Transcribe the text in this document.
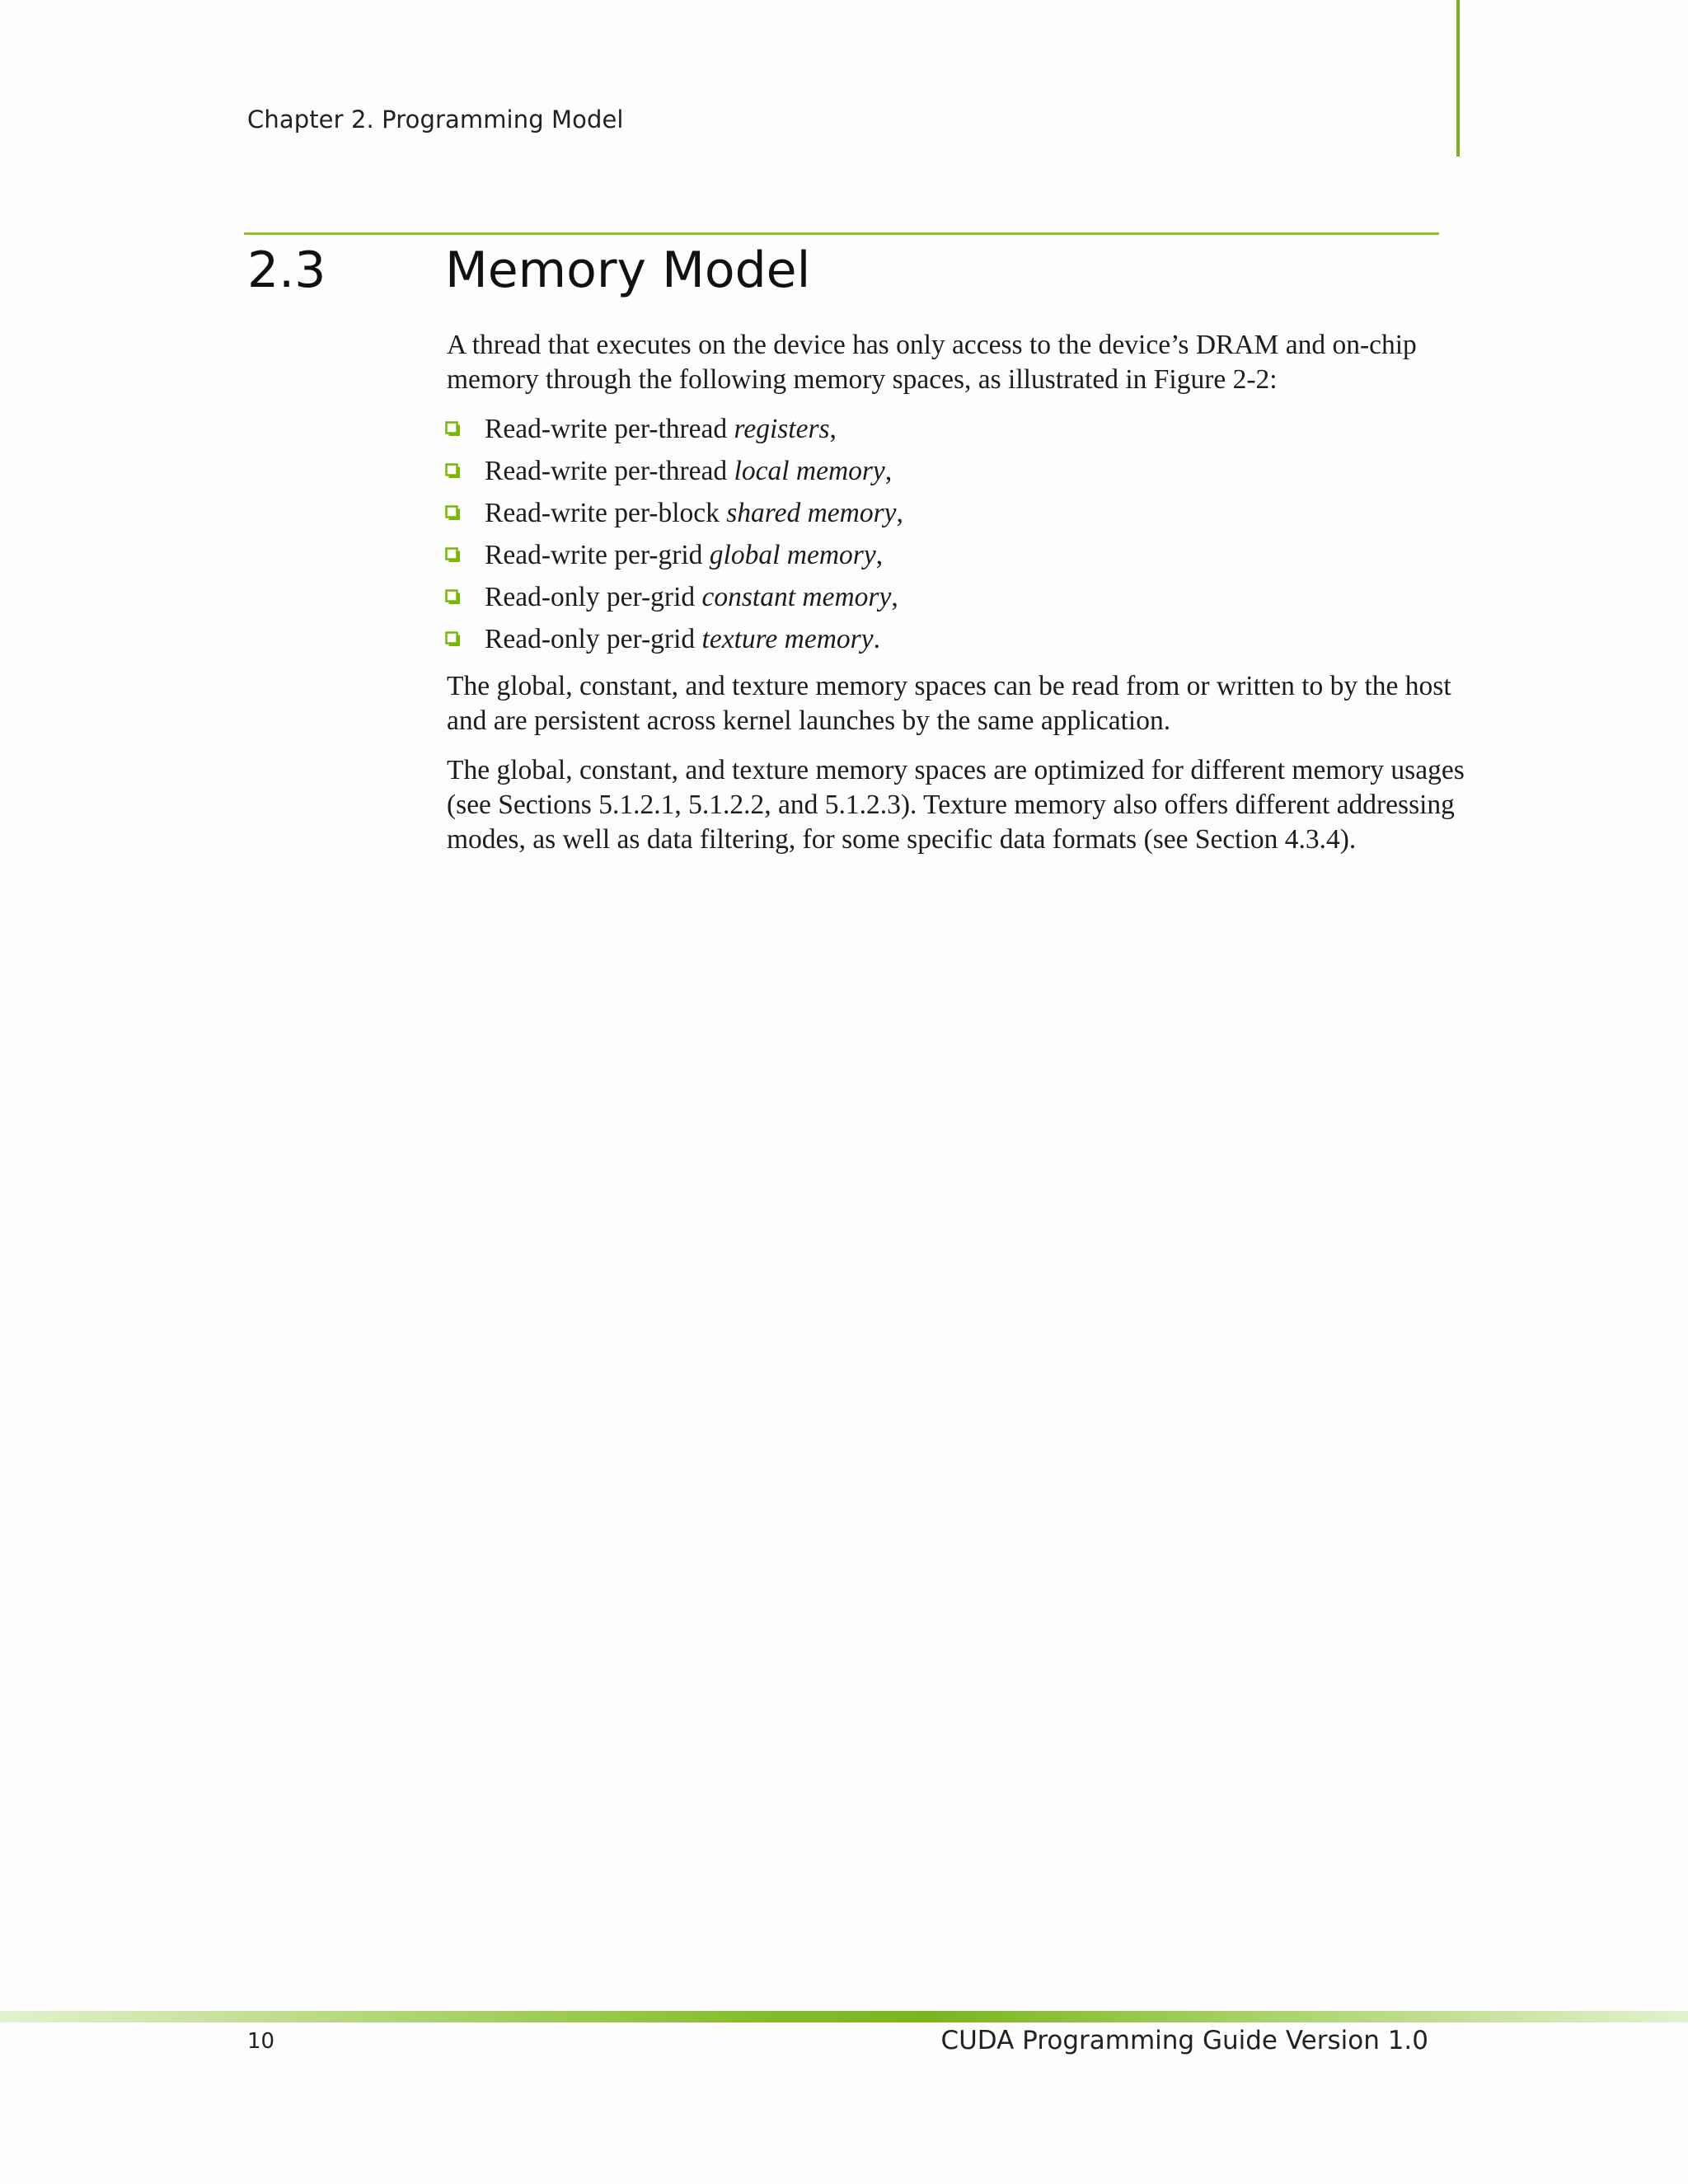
Chapter 2. Programming Model
2.3 Memory Model

A thread that executes on the device has only access to the device’s DRAM and on-chip memory through the following memory spaces, as illustrated in Figure 2-2:

Read-write per-thread registers,
Read-write per-thread local memory,
Read-write per-block shared memory,
Read-write per-grid global memory,
Read-only per-grid constant memory,
Read-only per-grid texture memory.

The global, constant, and texture memory spaces can be read from or written to by the host and are persistent across kernel launches by the same application.

The global, constant, and texture memory spaces are optimized for different memory usages (see Sections 5.1.2.1, 5.1.2.2, and 5.1.2.3). Texture memory also offers different addressing modes, as well as data filtering, for some specific data formats (see Section 4.3.4).

10	CUDA Programming Guide Version 1.0
